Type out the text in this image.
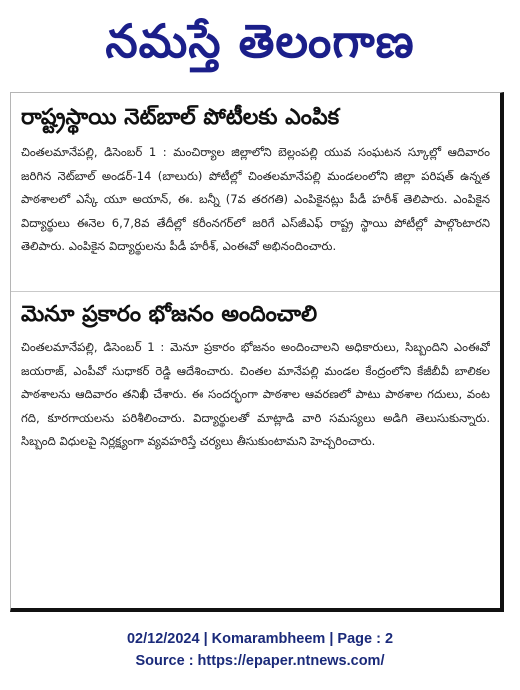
నమస్తే తెలంగాణ
రాష్ట్రస్థాయి నెట్‌బాల్ పోటీలకు ఎంపిక

చింతలమానేపల్లి, డిసెంబర్ 1 : మంచిర్యాల జిల్లాలోని బెల్లంపల్లి యువ సంఘటన స్కూల్లో ఆదివారం జరిగిన నెట్‌బాల్ అండర్-14 (బాలురు) పోటీల్లో చింతలమానేపల్లి మండలంలోని జిల్లా పరిషత్ ఉన్నత పాఠశాలలో ఎస్కే యూ అయాన్, ఈ. బన్నీ (7వ తరగతి) ఎంపికైనట్లు పీడీ హరీశ్ తెలిపారు. ఎంపికైన విద్యార్థులు ఈనెల 6,7,8వ తేదీల్లో కరీంనగర్‌లో జరిగే ఎస్‌జీఎఫ్ రాష్ట్ర స్థాయి పోటీల్లో పాల్గొంటారని తెలిపారు. ఎంపికైన విద్యార్థులను పీడీ హరీశ్, ఎంఈవో అభినందించారు.

మెనూ ప్రకారం భోజనం అందించాలి

చింతలమానేపల్లి, డిసెంబర్ 1 : మెనూ ప్రకారం భోజనం అందించాలని అధికారులు, సిబ్బందిని ఎంఈవో జయరాజ్, ఎంపీవో సుధాకర్ రెడ్డి ఆదేశించారు. చింతల మానేపల్లి మండల కేంద్రంలోని కేజీబీవీ బాలికల పాఠశాలను ఆదివారం తనిఖీ చేశారు. ఈ సందర్భంగా పాఠశాల ఆవరణలో పాటు పాఠశాల గదులు, వంట గది, కూరగాయలను పరిశీలించారు. విద్యార్థులతో మాట్లాడి వారి సమస్యలు అడిగి తెలుసుకున్నారు. సిబ్బంది విధులపై నిర్లక్ష్యంగా వ్యవహరిస్తే చర్యలు తీసుకుంటామని హెచ్చరించారు.

02/12/2024 | Komarambheem | Page : 2
Source : https://epaper.ntnews.com/
